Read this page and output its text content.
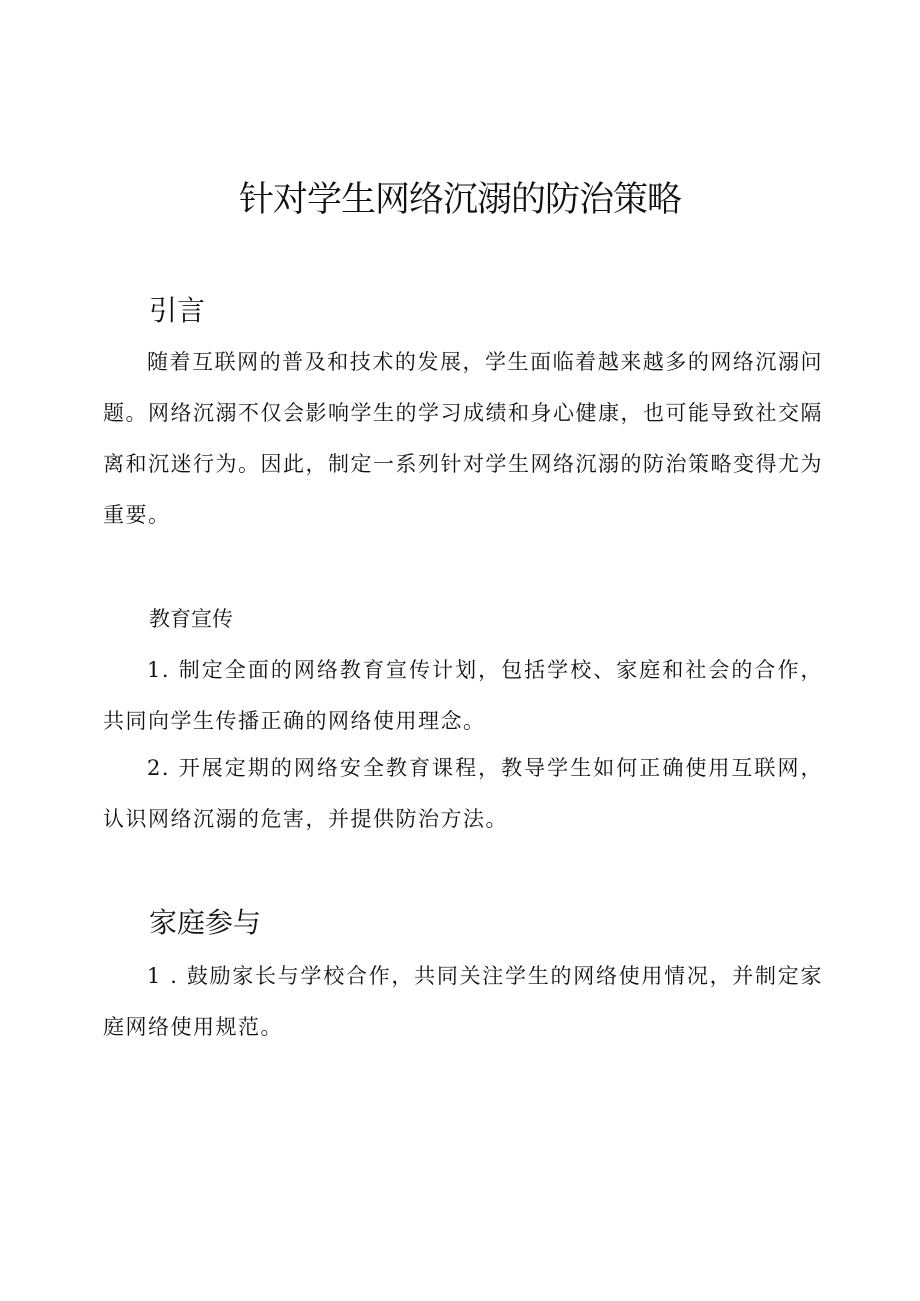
针对学生网络沉溺的防治策略
引言

随着互联网的普及和技术的发展，学生面临着越来越多的网络沉溺问题。网络沉溺不仅会影响学生的学习成绩和身心健康，也可能导致社交隔离和沉迷行为。因此，制定一系列针对学生网络沉溺的防治策略变得尤为重要。

教育宣传

1. 制定全面的网络教育宣传计划，包括学校、家庭和社会的合作，共同向学生传播正确的网络使用理念。

2. 开展定期的网络安全教育课程，教导学生如何正确使用互联网，认识网络沉溺的危害，并提供防治方法。

家庭参与

1 . 鼓励家长与学校合作，共同关注学生的网络使用情况，并制定家庭网络使用规范。
